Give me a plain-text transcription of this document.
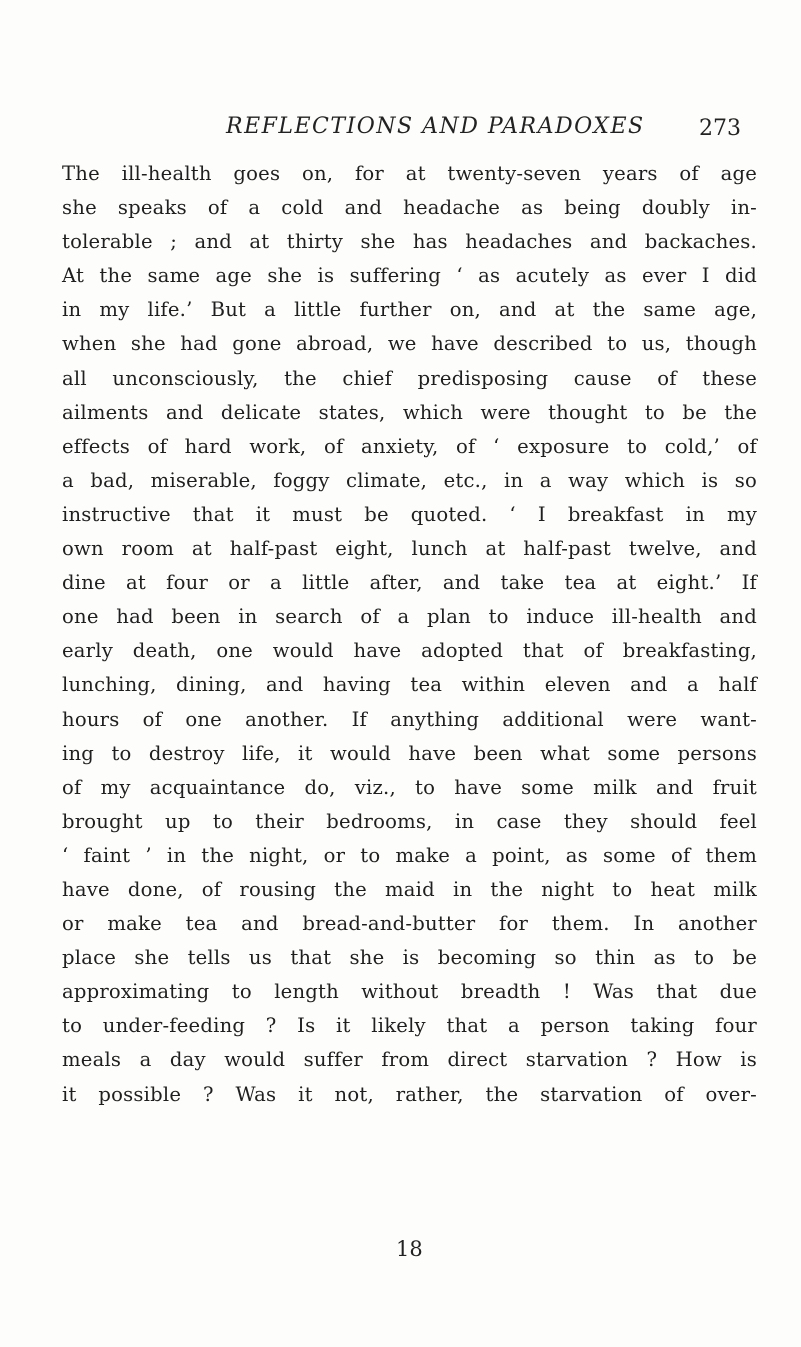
REFLECTIONS AND PARADOXES 273
The ill-health goes on, for at twenty-seven years of age
she speaks of a cold and headache as being doubly in-
tolerable ; and at thirty she has headaches and backaches.
At the same age she is suffering ‘ as acutely as ever I did
in my life.’ But a little further on, and at the same age,
when she had gone abroad, we have described to us, though
all unconsciously, the chief predisposing cause of these
ailments and delicate states, which were thought to be the
effects of hard work, of anxiety, of ‘ exposure to cold,’ of
a bad, miserable, foggy climate, etc., in a way which is so
instructive that it must be quoted. ‘ I breakfast in my
own room at half-past eight, lunch at half-past twelve, and
dine at four or a little after, and take tea at eight.’ If
one had been in search of a plan to induce ill-health and
early death, one would have adopted that of breakfasting,
lunching, dining, and having tea within eleven and a half
hours of one another. If anything additional were want-
ing to destroy life, it would have been what some persons
of my acquaintance do, viz., to have some milk and fruit
brought up to their bedrooms, in case they should feel
‘ faint ’ in the night, or to make a point, as some of them
have done, of rousing the maid in the night to heat milk
or make tea and bread-and-butter for them. In another
place she tells us that she is becoming so thin as to be
approximating to length without breadth ! Was that due
to under-feeding ? Is it likely that a person taking four
meals a day would suffer from direct starvation ? How is
it possible ? Was it not, rather, the starvation of over-
18
